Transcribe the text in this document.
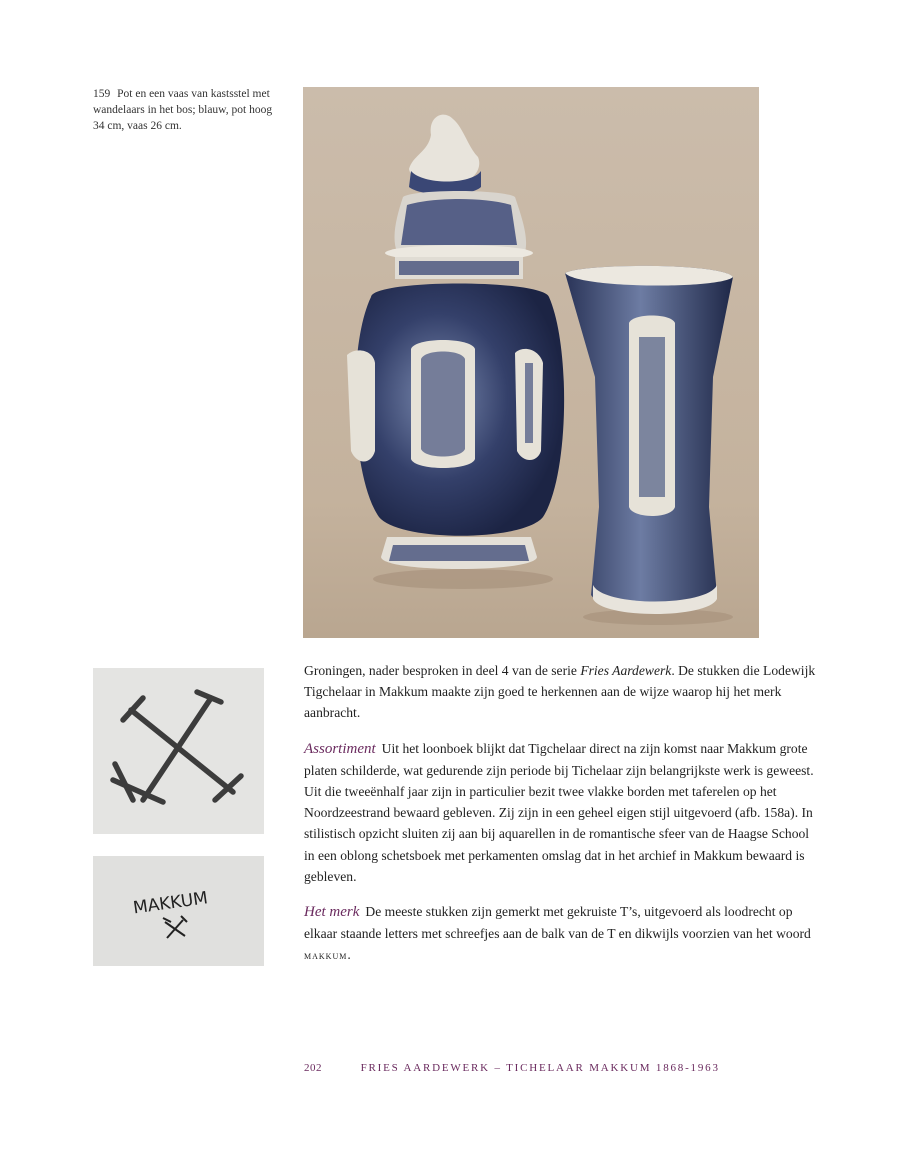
159 Pot en een vaas van kastsstel met wandelaars in het bos; blauw, pot hoog 34 cm, vaas 26 cm.
MAKKUM

Groningen, nader besproken in deel 4 van de serie Fries Aardewerk. De stukken die Lodewijk Tigchelaar in Makkum maakte zijn goed te herkennen aan de wijze waarop hij het merk aanbracht.

Assortiment Uit het loonboek blijkt dat Tigchelaar direct na zijn komst naar Makkum grote platen schilderde, wat gedurende zijn periode bij Tichelaar zijn belangrijkste werk is geweest. Uit die tweeënhalf jaar zijn in particulier bezit twee vlakke borden met taferelen op het Noordzeestrand bewaard gebleven. Zij zijn in een geheel eigen stijl uitgevoerd (afb. 158a). In stilistisch opzicht sluiten zij aan bij aquarellen in de romantische sfeer van de Haagse School in een oblong schetsboek met perkamenten omslag dat in het archief in Makkum bewaard is gebleven.

Het merk De meeste stukken zijn gemerkt met gekruiste T’s, uitgevoerd als loodrecht op elkaar staande letters met schreefjes aan de balk van de T en dikwijls voorzien van het woord makkum.

202	FRIES AARDEWERK – TICHELAAR MAKKUM 1868-1963
